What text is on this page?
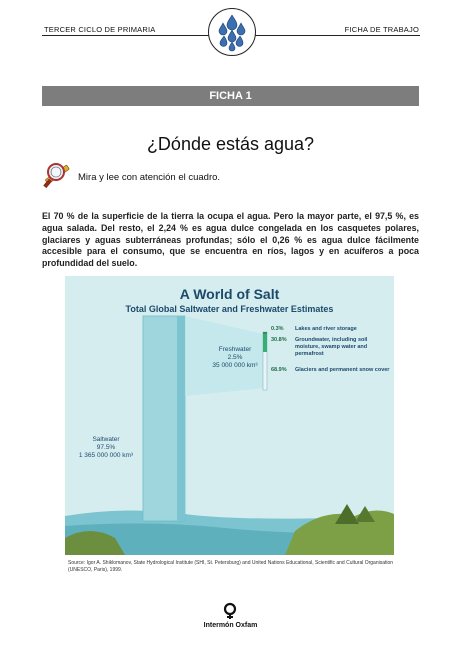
TERCER CICLO DE PRIMARIA	FICHA DE TRABAJO
FICHA 1
¿Dónde estás agua?
Mira y lee con atención el cuadro.
El 70 % de la superficie de la tierra la ocupa el agua. Pero la mayor parte, el 97,5 %, es agua salada. Del resto, el 2,24 % es agua dulce congelada en los casquetes polares, glaciares y aguas subterráneas profundas; sólo el 0,26 % es agua dulce fácilmente accesible para el consumo, que se encuentra en ríos, lagos y en acuíferos a poca profundidad del suelo.
A World of Salt
Total Global Saltwater and Freshwater Estimates
Freshwater
2.5%
35 000 000 km³
Saltwater
97.5%
1 365 000 000 km³
0.3% Lakes and river storage
30.8% Groundwater, including soil moisture, swamp water and permafrost
68.9% Glaciers and permanent snow cover
Source: Igor A. Shiklomanov, State Hydrological Institute (SHI, St. Petersburg) and United Nations Educational, Scientific and Cultural Organisation (UNESCO, Paris), 1999.
Intermón Oxfam
